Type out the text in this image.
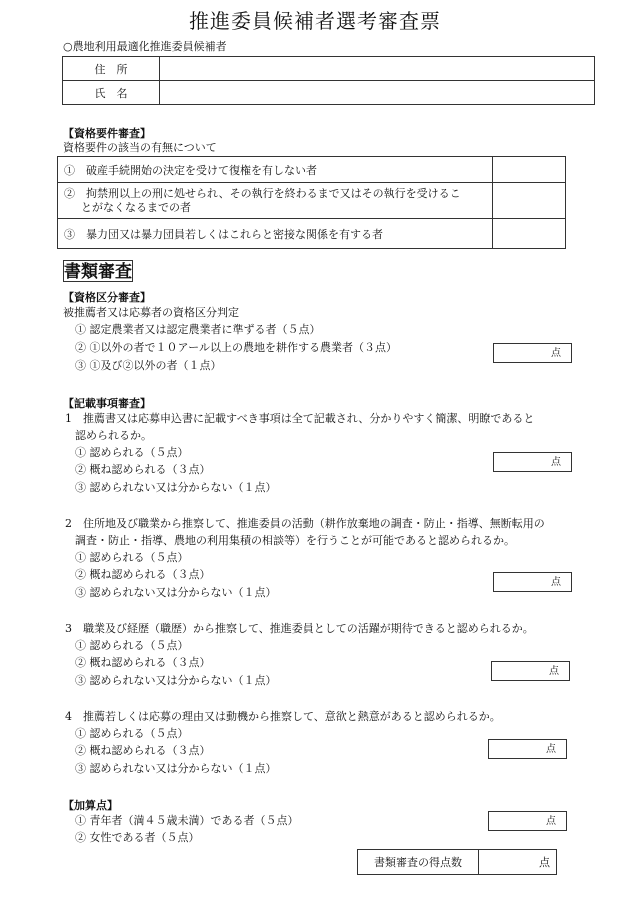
推進委員候補者選考審査票
○農地利用最適化推進委員候補者
住　所	
氏　名	
【資格要件審査】
資格要件の該当の有無について
①　破産手続開始の決定を受けて復権を有しない者	

②　拘禁刑以上の刑に処せられ、その執行を終わるまで又はその執行を受けるこ
とがなくなるまでの者	

③　暴力団又は暴力団員若しくはこれらと密接な関係を有する者	
書類審査
【資格区分審査】
被推薦者又は応募者の資格区分判定
① 認定農業者又は認定農業者に準ずる者（５点）
② ①以外の者で１０アール以上の農地を耕作する農業者（３点）
③ ①及び②以外の者（１点）
点
【記載事項審査】
1　推薦書又は応募申込書に記載すべき事項は全て記載され、分かりやすく簡潔、明瞭であると
認められるか。
① 認められる（５点）
② 概ね認められる（３点）
③ 認められない又は分からない（１点）
点
2　住所地及び職業から推察して、推進委員の活動（耕作放棄地の調査・防止・指導、無断転用の
調査・防止・指導、農地の利用集積の相談等）を行うことが可能であると認められるか。
① 認められる（５点）
② 概ね認められる（３点）
③ 認められない又は分からない（１点）
点
3　職業及び経歴（職歴）から推察して、推進委員としての活躍が期待できると認められるか。
① 認められる（５点）
② 概ね認められる（３点）
③ 認められない又は分からない（１点）
点
4　推薦若しくは応募の理由又は動機から推察して、意欲と熱意があると認められるか。
① 認められる（５点）
② 概ね認められる（３点）
③ 認められない又は分からない（１点）
点
【加算点】
① 青年者（満４５歳未満）である者（５点）
② 女性である者（５点）
点
書類審査の得点数	点
